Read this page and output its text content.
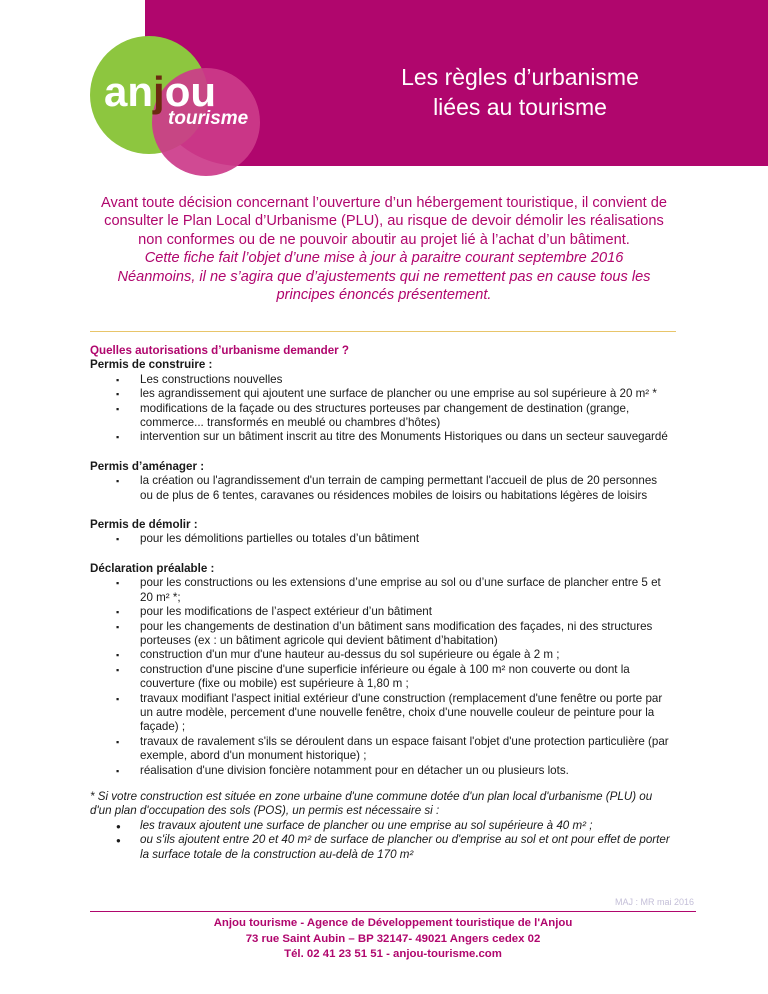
Les règles d’urbanisme
liées au tourisme
anjou
tourisme

Avant toute décision concernant l’ouverture d’un hébergement touristique, il convient de consulter le Plan Local d’Urbanisme (PLU), au risque de devoir démolir les réalisations non conformes ou de ne pouvoir aboutir au projet lié à l’achat d’un bâtiment.

Cette fiche fait l’objet d’une mise à jour à paraitre courant septembre 2016

Néanmoins, il ne s’agira que d’ajustements qui ne remettent pas en cause tous les principes énoncés présentement.

Quelles autorisations d’urbanisme demander ?
Permis de construire :
▪ Les constructions nouvelles
▪ les agrandissement qui ajoutent une surface de plancher ou une emprise au sol supérieure à 20 m² *
▪ modifications de la façade ou des structures porteuses par changement de destination (grange, commerce... transformés en meublé ou chambres d’hôtes)
▪ intervention sur un bâtiment inscrit au titre des Monuments Historiques ou dans un secteur sauvegardé
Permis d’aménager :
▪ la création ou l'agrandissement d'un terrain de camping permettant l'accueil de plus de 20 personnes ou de plus de 6 tentes, caravanes ou résidences mobiles de loisirs ou habitations légères de loisirs
Permis de démolir :
▪ pour les démolitions partielles ou totales d’un bâtiment
Déclaration préalable :
▪ pour les constructions ou les extensions d’une emprise au sol ou d’une surface de plancher entre 5 et 20 m² *;
▪ pour les modifications de l’aspect extérieur d’un bâtiment
▪ pour les changements de destination d’un bâtiment sans modification des façades, ni des structures porteuses (ex : un bâtiment agricole qui devient bâtiment d’habitation)
▪ construction d'un mur d'une hauteur au-dessus du sol supérieure ou égale à 2 m ;
▪ construction d'une piscine d'une superficie inférieure ou égale à 100 m² non couverte ou dont la couverture (fixe ou mobile) est supérieure à 1,80 m ;
▪ travaux modifiant l'aspect initial extérieur d'une construction (remplacement d'une fenêtre ou porte par un autre modèle, percement d'une nouvelle fenêtre, choix d'une nouvelle couleur de peinture pour la façade) ;
▪ travaux de ravalement s'ils se déroulent dans un espace faisant l'objet d'une protection particulière (par exemple, abord d'un monument historique) ;
▪ réalisation d'une division foncière notamment pour en détacher un ou plusieurs lots.
* Si votre construction est située en zone urbaine d'une commune dotée d'un plan local d'urbanisme (PLU) ou d'un plan d'occupation des sols (POS), un permis est nécessaire si :
● les travaux ajoutent une surface de plancher ou une emprise au sol supérieure à 40 m² ;
● ou s'ils ajoutent entre 20 et 40 m² de surface de plancher ou d'emprise au sol et ont pour effet de porter la surface totale de la construction au-delà de 170 m²
MAJ : MR mai 2016
Anjou tourisme - Agence de Développement touristique de l'Anjou
73 rue Saint Aubin – BP 32147- 49021 Angers cedex 02
Tél. 02 41 23 51 51 - anjou-tourisme.com
